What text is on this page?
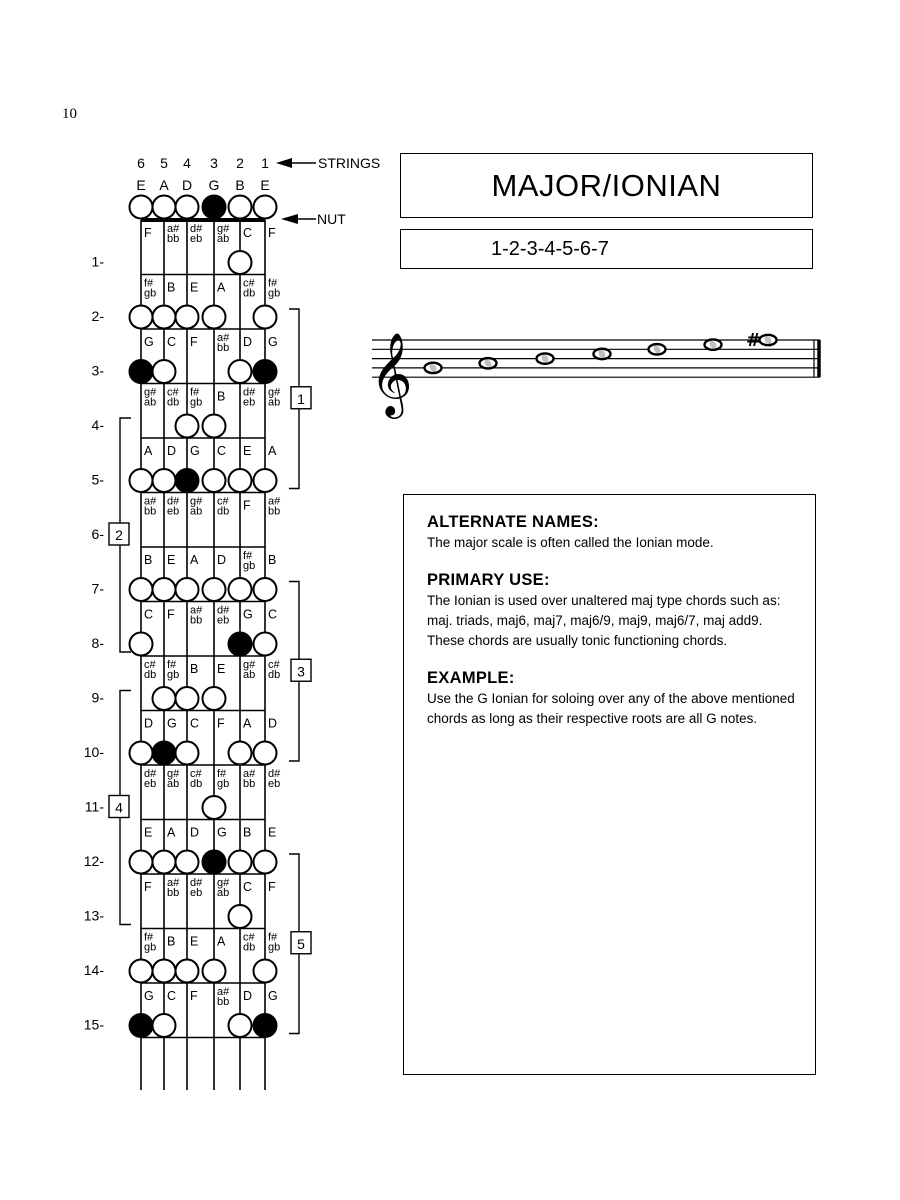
10
6 5 4 3 2 1
E A D G B E
STRINGS
NUT
1-
2-
3-
4-
5-
6-
7-
8-
9-
10-
11-
12-
13-
14-
15-
F a# bb
d# eb
g# ab C F
f# gb B E A c# db
f# gb
G C F a# bb D G
g# ab
c# db
f# gb B d# eb
g# ab
A D G C E A
a# bb
d# eb
g# ab
c# db F a# bb
B E A D f# gb B
C F a# bb
d# eb G C
c# db
f# gb B E g# ab
c# db
D G C F A D
d# eb
g# ab
c# db
f# gb
a# bb
d# eb
E A D G B E
F a# bb
d# eb
g# ab C F
f# gb B E A c# db
f# gb
G C F a# bb D G
1
2
3
4
5
MAJOR/IONIAN
1-2-3-4-5-6-7
𝄞	#
ALTERNATE NAMES:
The major scale is often called the Ionian mode.
PRIMARY USE:
The Ionian is used over unaltered maj type chords such as: maj. triads, maj6, maj7, maj6/9, maj9, maj6/7, maj add9. These chords are usually tonic functioning chords.
EXAMPLE:
Use the G Ionian for soloing over any of the above mentioned chords as long as their respective roots are all G notes.
